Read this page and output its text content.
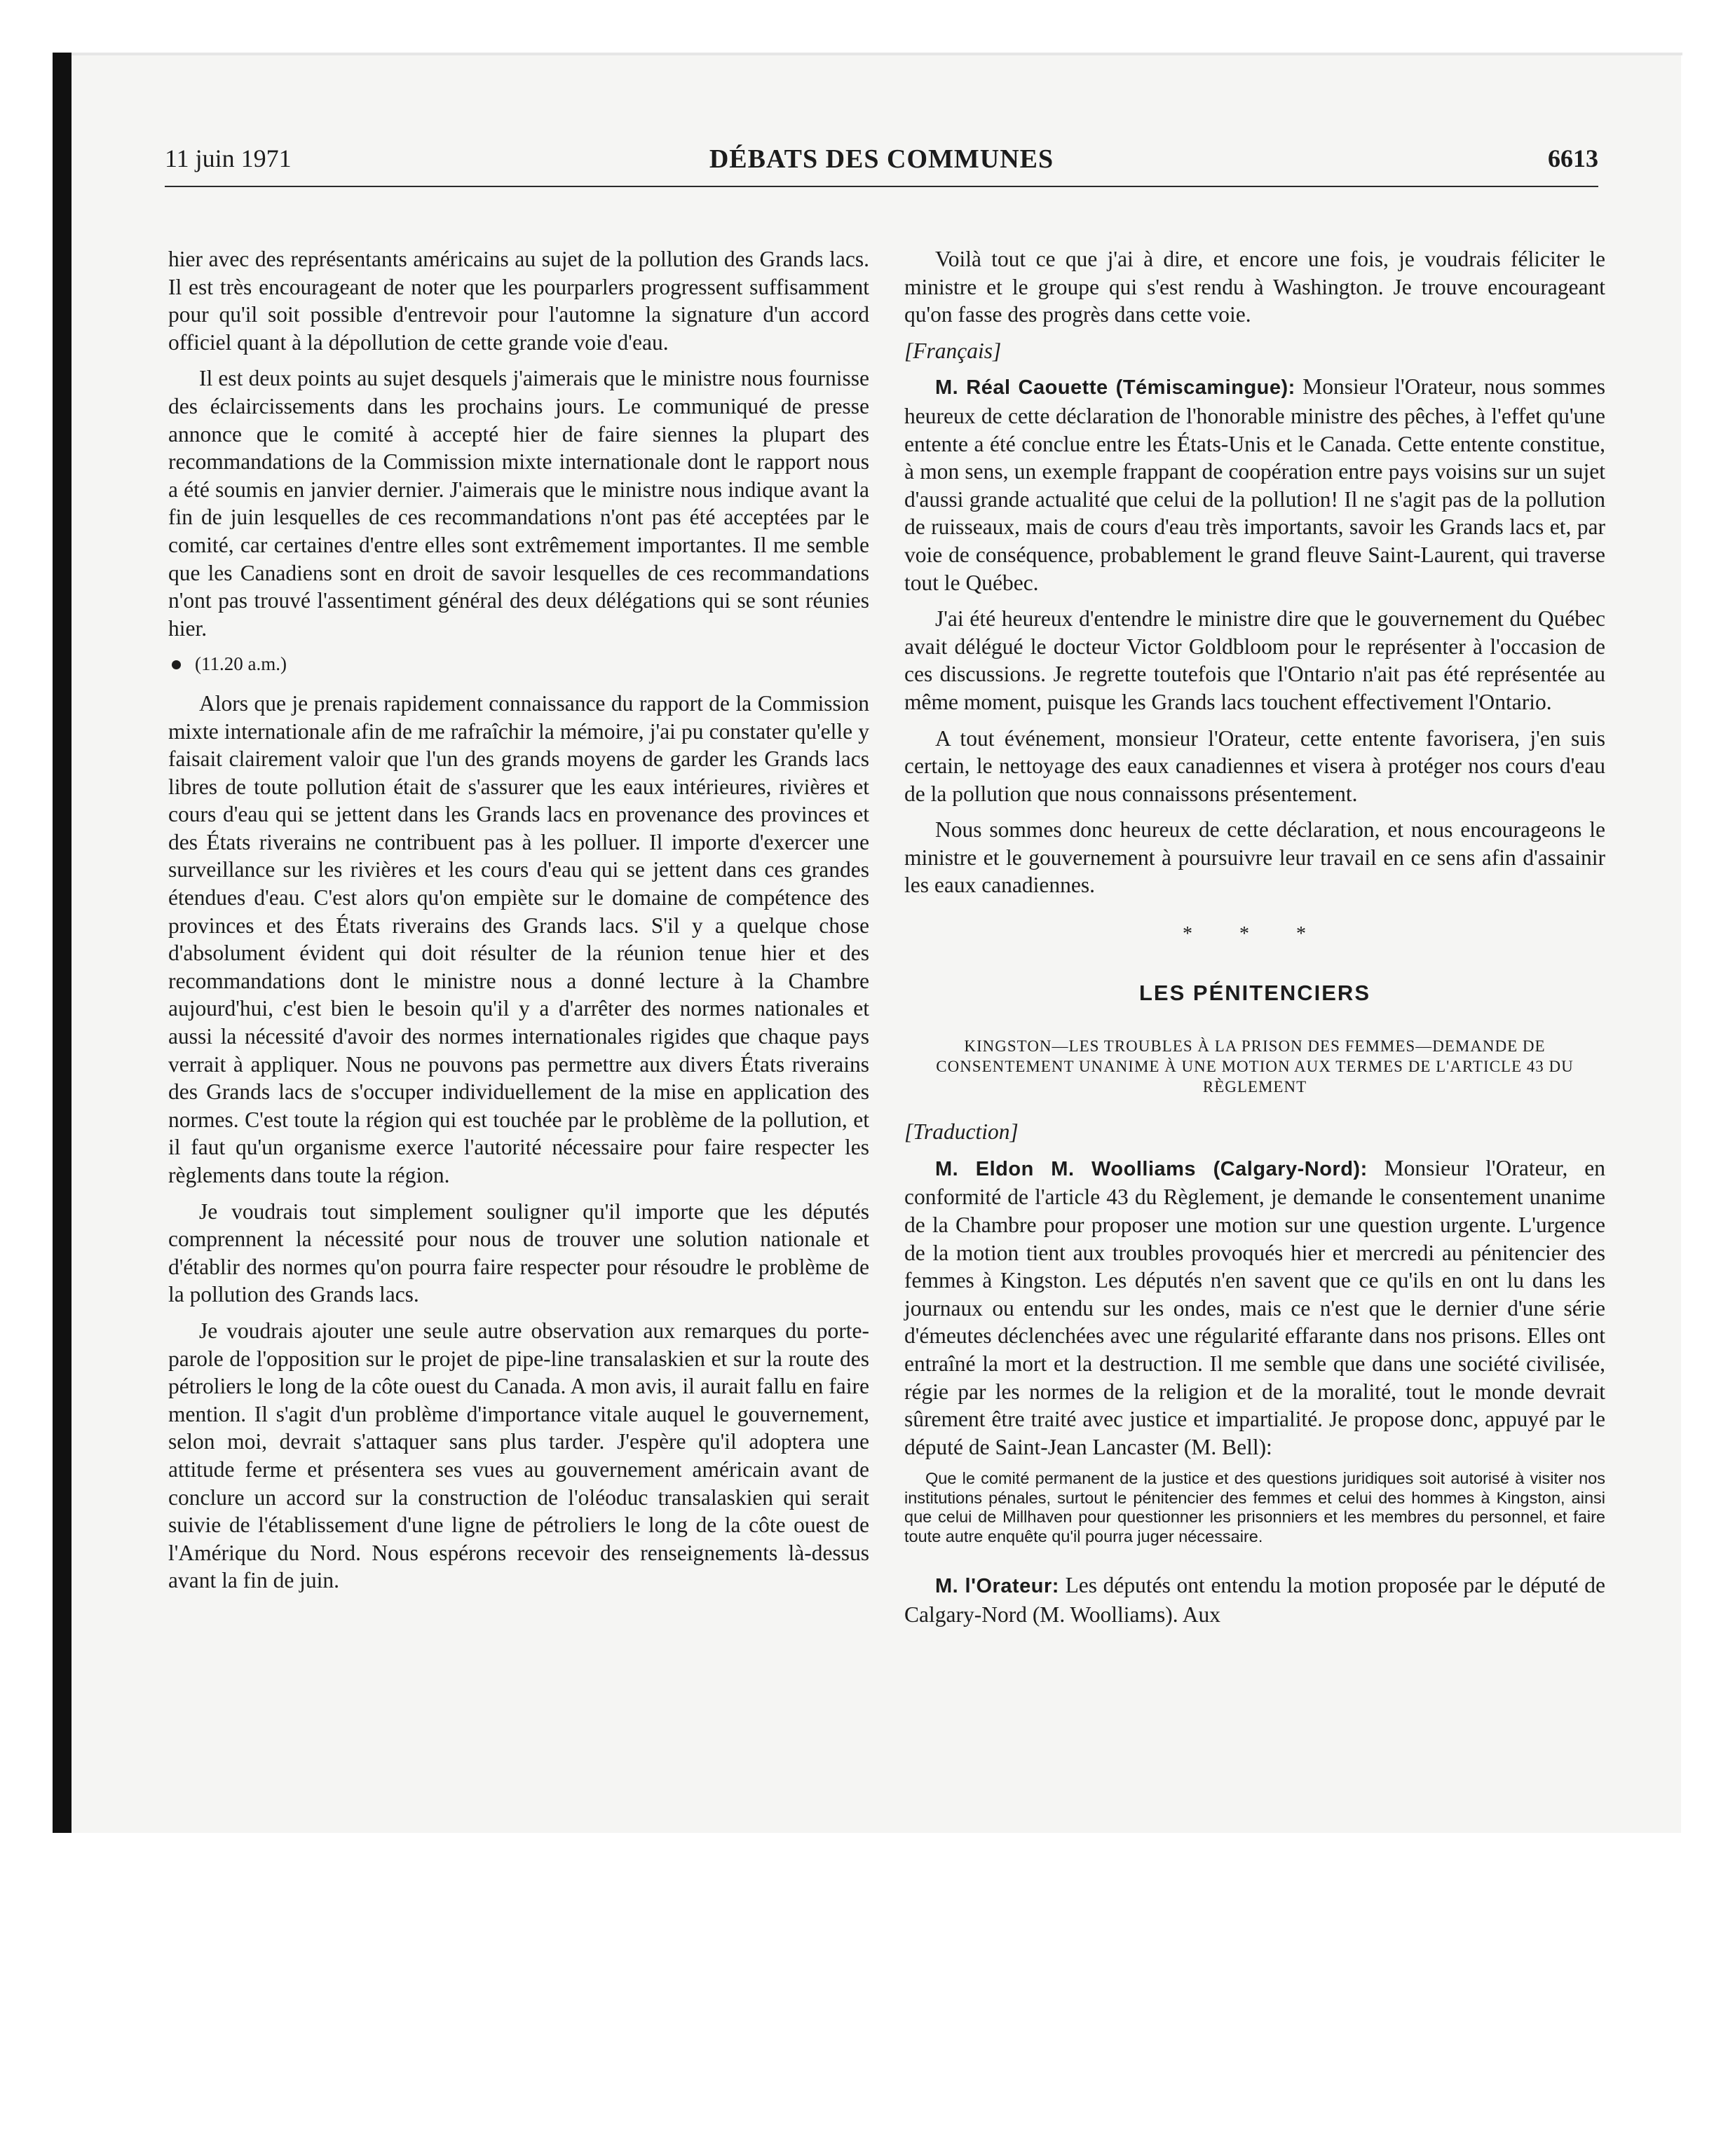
11 juin 1971	DÉBATS DES COMMUNES	6613

hier avec des représentants américains au sujet de la pollution des Grands lacs. Il est très encourageant de noter que les pourparlers progressent suffisamment pour qu'il soit possible d'entrevoir pour l'automne la signature d'un accord officiel quant à la dépollution de cette grande voie d'eau.

Il est deux points au sujet desquels j'aimerais que le ministre nous fournisse des éclaircissements dans les prochains jours. Le communiqué de presse annonce que le comité à accepté hier de faire siennes la plupart des recommandations de la Commission mixte internationale dont le rapport nous a été soumis en janvier dernier. J'aimerais que le ministre nous indique avant la fin de juin lesquelles de ces recommandations n'ont pas été acceptées par le comité, car certaines d'entre elles sont extrêmement importantes. Il me semble que les Canadiens sont en droit de savoir lesquelles de ces recommandations n'ont pas trouvé l'assentiment général des deux délégations qui se sont réunies hier.

(11.20 a.m.)

Alors que je prenais rapidement connaissance du rapport de la Commission mixte internationale afin de me rafraîchir la mémoire, j'ai pu constater qu'elle y faisait clairement valoir que l'un des grands moyens de garder les Grands lacs libres de toute pollution était de s'assurer que les eaux intérieures, rivières et cours d'eau qui se jettent dans les Grands lacs en provenance des provinces et des États riverains ne contribuent pas à les polluer. Il importe d'exercer une surveillance sur les rivières et les cours d'eau qui se jettent dans ces grandes étendues d'eau. C'est alors qu'on empiète sur le domaine de compétence des provinces et des États riverains des Grands lacs. S'il y a quelque chose d'absolument évident qui doit résulter de la réunion tenue hier et des recommandations dont le ministre nous a donné lecture à la Chambre aujourd'hui, c'est bien le besoin qu'il y a d'arrêter des normes nationales et aussi la nécessité d'avoir des normes internationales rigides que chaque pays verrait à appliquer. Nous ne pouvons pas permettre aux divers États riverains des Grands lacs de s'occuper individuellement de la mise en application des normes. C'est toute la région qui est touchée par le problème de la pollution, et il faut qu'un organisme exerce l'autorité nécessaire pour faire respecter les règlements dans toute la région.

Je voudrais tout simplement souligner qu'il importe que les députés comprennent la nécessité pour nous de trouver une solution nationale et d'établir des normes qu'on pourra faire respecter pour résoudre le problème de la pollution des Grands lacs.

Je voudrais ajouter une seule autre observation aux remarques du porte-parole de l'opposition sur le projet de pipe-line transalaskien et sur la route des pétroliers le long de la côte ouest du Canada. A mon avis, il aurait fallu en faire mention. Il s'agit d'un problème d'importance vitale auquel le gouvernement, selon moi, devrait s'attaquer sans plus tarder. J'espère qu'il adoptera une attitude ferme et présentera ses vues au gouvernement américain avant de conclure un accord sur la construction de l'oléoduc transalaskien qui serait suivie de l'établissement d'une ligne de pétroliers le long de la côte ouest de l'Amérique du Nord. Nous espérons recevoir des renseignements là-dessus avant la fin de juin.

Voilà tout ce que j'ai à dire, et encore une fois, je voudrais féliciter le ministre et le groupe qui s'est rendu à Washington. Je trouve encourageant qu'on fasse des progrès dans cette voie.

[Français]

M. Réal Caouette (Témiscamingue): Monsieur l'Orateur, nous sommes heureux de cette déclaration de l'honorable ministre des pêches, à l'effet qu'une entente a été conclue entre les États-Unis et le Canada. Cette entente constitue, à mon sens, un exemple frappant de coopération entre pays voisins sur un sujet d'aussi grande actualité que celui de la pollution! Il ne s'agit pas de la pollution de ruisseaux, mais de cours d'eau très importants, savoir les Grands lacs et, par voie de conséquence, probablement le grand fleuve Saint-Laurent, qui traverse tout le Québec.

J'ai été heureux d'entendre le ministre dire que le gouvernement du Québec avait délégué le docteur Victor Goldbloom pour le représenter à l'occasion de ces discussions. Je regrette toutefois que l'Ontario n'ait pas été représentée au même moment, puisque les Grands lacs touchent effectivement l'Ontario.

A tout événement, monsieur l'Orateur, cette entente favorisera, j'en suis certain, le nettoyage des eaux canadiennes et visera à protéger nos cours d'eau de la pollution que nous connaissons présentement.

Nous sommes donc heureux de cette déclaration, et nous encourageons le ministre et le gouvernement à poursuivre leur travail en ce sens afin d'assainir les eaux canadiennes.

* * *
LES PÉNITENCIERS
KINGSTON—LES TROUBLES À LA PRISON DES FEMMES—DEMANDE DE CONSENTEMENT UNANIME À UNE MOTION AUX TERMES DE L'ARTICLE 43 DU RÈGLEMENT

[Traduction]

M. Eldon M. Woolliams (Calgary-Nord): Monsieur l'Orateur, en conformité de l'article 43 du Règlement, je demande le consentement unanime de la Chambre pour proposer une motion sur une question urgente. L'urgence de la motion tient aux troubles provoqués hier et mercredi au pénitencier des femmes à Kingston. Les députés n'en savent que ce qu'ils en ont lu dans les journaux ou entendu sur les ondes, mais ce n'est que le dernier d'une série d'émeutes déclenchées avec une régularité effarante dans nos prisons. Elles ont entraîné la mort et la destruction. Il me semble que dans une société civilisée, régie par les normes de la religion et de la moralité, tout le monde devrait sûrement être traité avec justice et impartialité. Je propose donc, appuyé par le député de Saint-Jean Lancaster (M. Bell):

Que le comité permanent de la justice et des questions juridiques soit autorisé à visiter nos institutions pénales, surtout le pénitencier des femmes et celui des hommes à Kingston, ainsi que celui de Millhaven pour questionner les prisonniers et les membres du personnel, et faire toute autre enquête qu'il pourra juger nécessaire.

M. l'Orateur: Les députés ont entendu la motion proposée par le député de Calgary-Nord (M. Woolliams). Aux
